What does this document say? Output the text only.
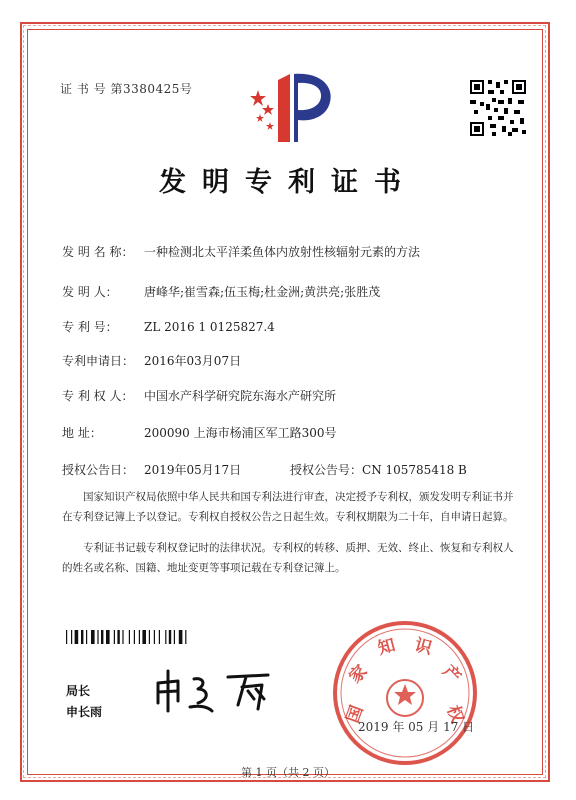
证 书 号 第3380425号
发明专利证书
发 明 名 称： 一种检测北太平洋柔鱼体内放射性核辐射元素的方法
发 明 人： 唐峰华;崔雪森;伍玉梅;杜金洲;黄洪亮;张胜茂
专 利 号： ZL 2016 1 0125827.4
专利申请日： 2016年03月07日
专 利 权 人： 中国水产科学研究院东海水产研究所
地 址：	200090 上海市杨浦区军工路300号
授权公告日： 2019年05月17日	授权公告号：CN 105785418 B
国家知识产权局依照中华人民共和国专利法进行审查，决定授予专利权，颁发发明专利证书并在专利登记簿上予以登记。专利权自授权公告之日起生效。专利权期限为二十年，自申请日起算。
专利证书记载专利权登记时的法律状况。专利权的转移、质押、无效、终止、恢复和专利权人的姓名或名称、国籍、地址变更等事项记载在专利登记簿上。
局长
申长雨	国
家
知 识
产
权
2019 年 05 月 17 日
第 1 页（共 2 页）
